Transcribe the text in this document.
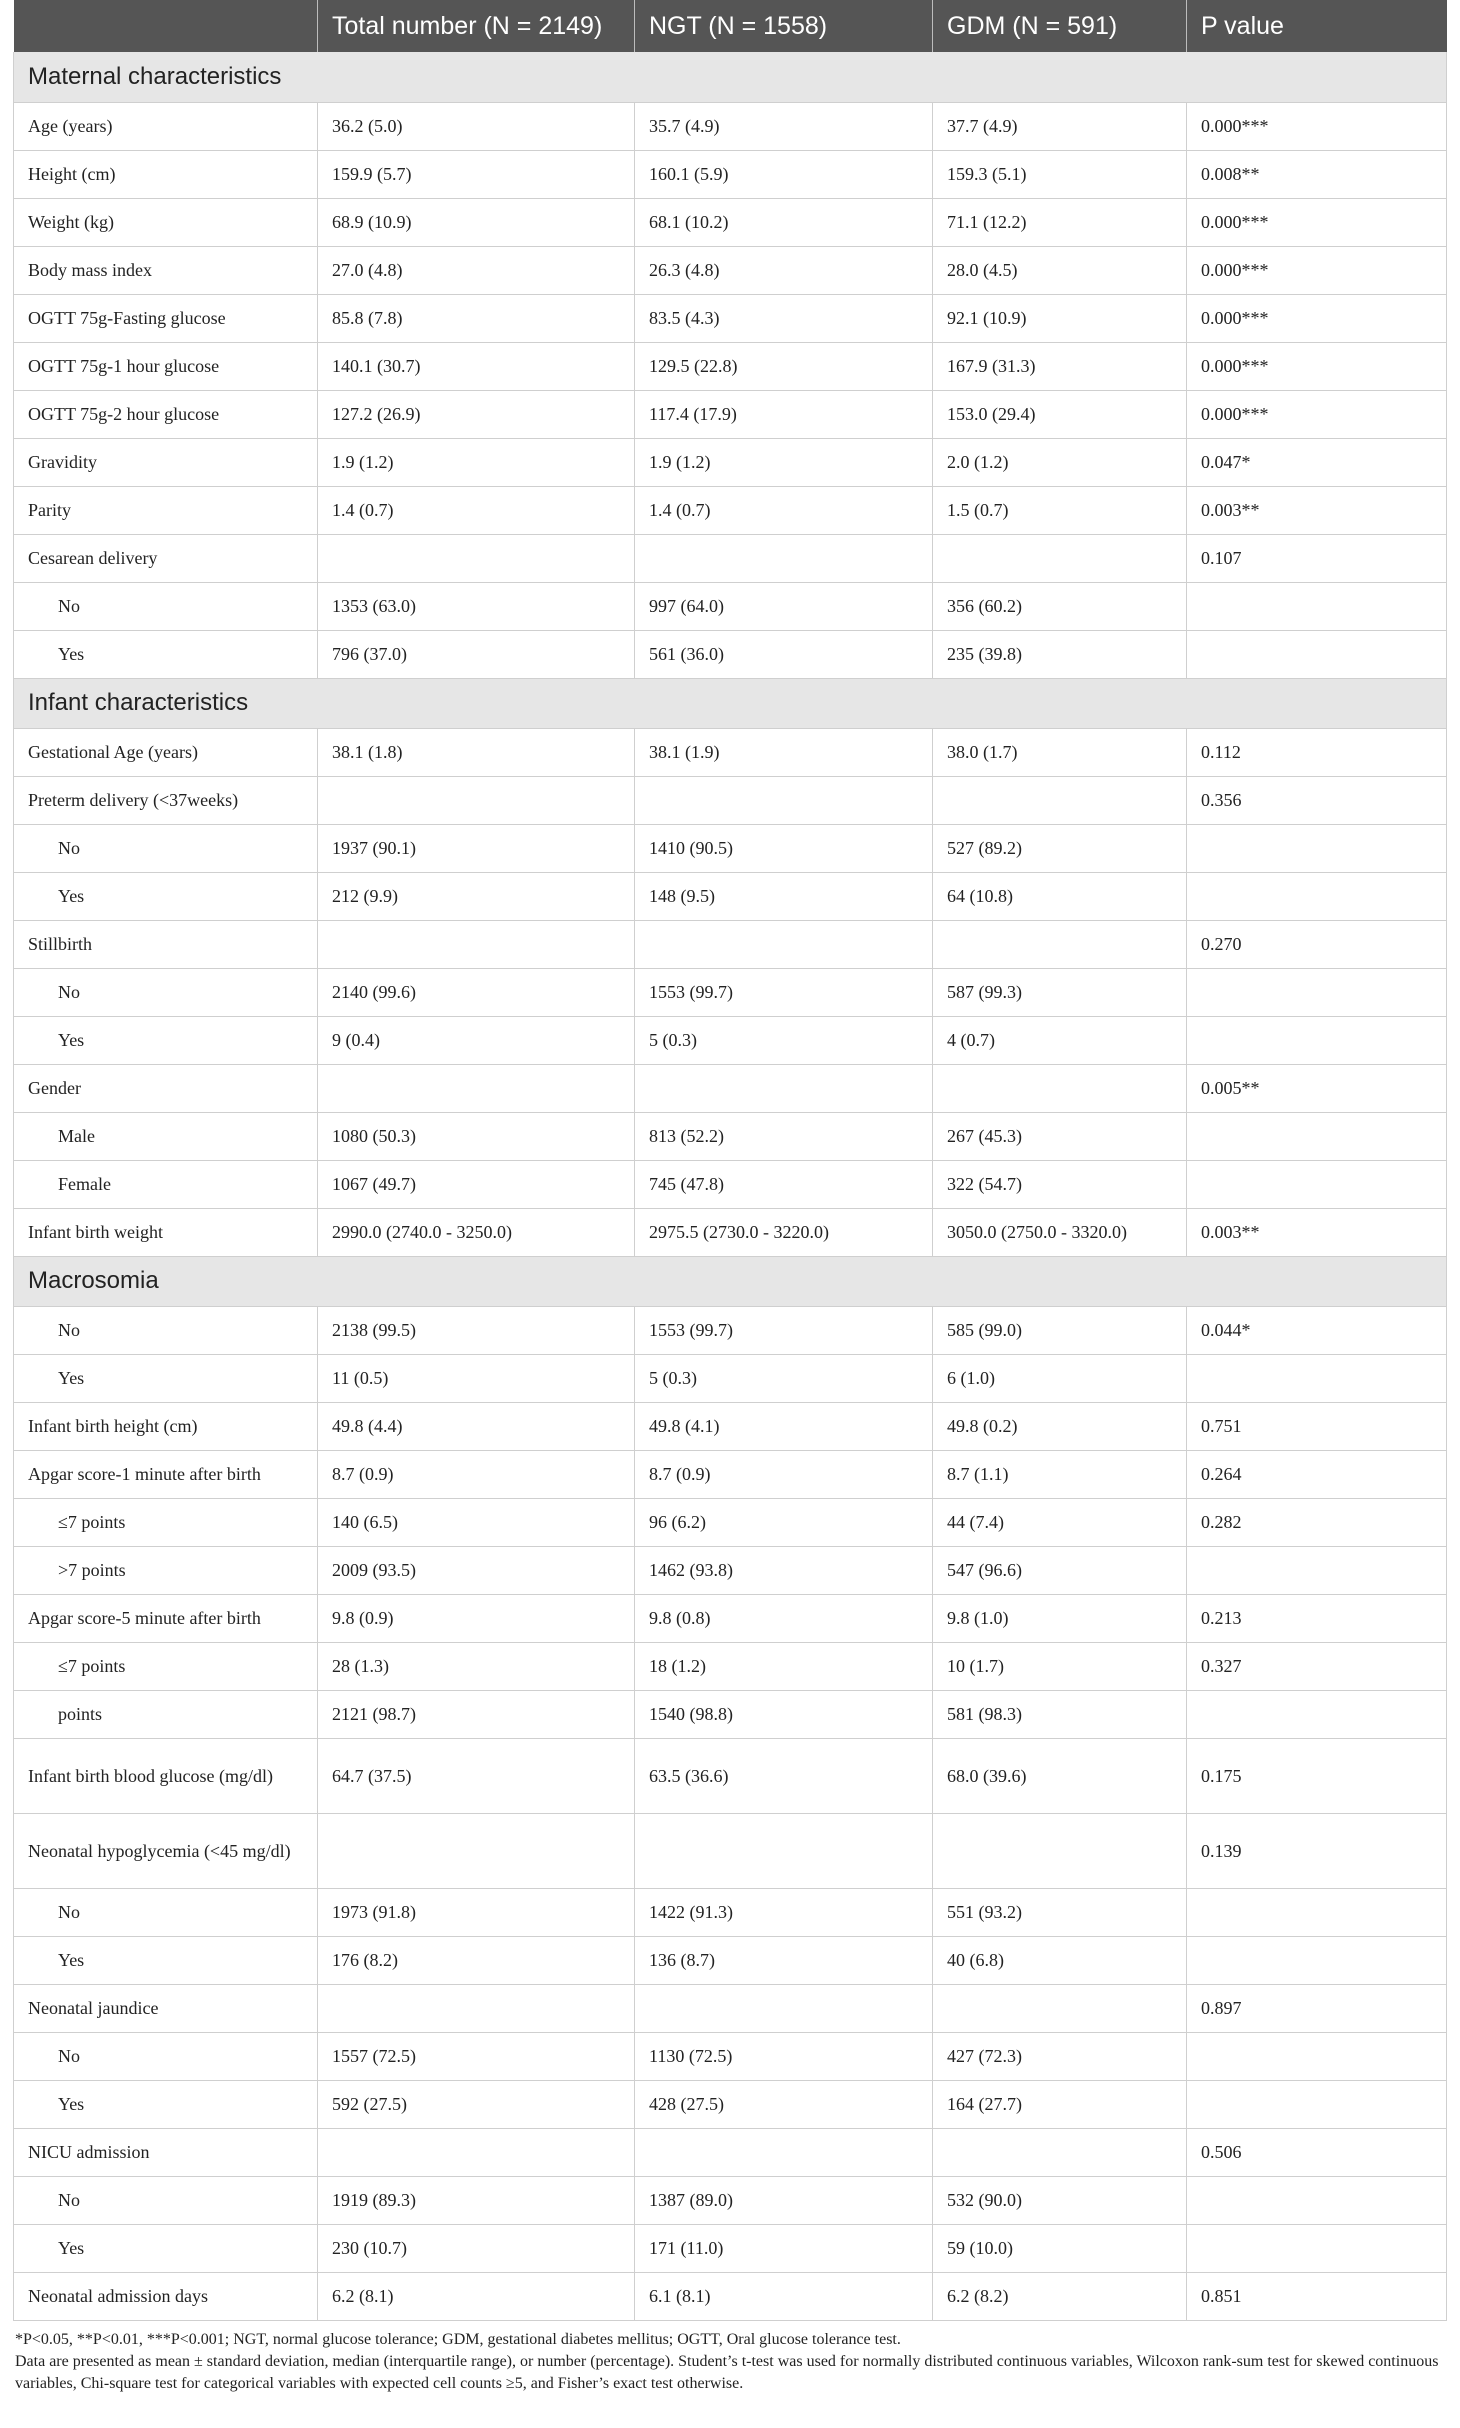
	Total number (N = 2149)	NGT (N = 1558)	GDM (N = 591)	P value
Maternal characteristics				
Age (years)	36.2 (5.0)	35.7 (4.9)	37.7 (4.9)	0.000***
Height (cm)	159.9 (5.7)	160.1 (5.9)	159.3 (5.1)	0.008**
Weight (kg)	68.9 (10.9)	68.1 (10.2)	71.1 (12.2)	0.000***
Body mass index	27.0 (4.8)	26.3 (4.8)	28.0 (4.5)	0.000***
OGTT 75g-Fasting glucose	85.8 (7.8)	83.5 (4.3)	92.1 (10.9)	0.000***
OGTT 75g-1 hour glucose	140.1 (30.7)	129.5 (22.8)	167.9 (31.3)	0.000***
OGTT 75g-2 hour glucose	127.2 (26.9)	117.4 (17.9)	153.0 (29.4)	0.000***
Gravidity	1.9 (1.2)	1.9 (1.2)	2.0 (1.2)	0.047*
Parity	1.4 (0.7)	1.4 (0.7)	1.5 (0.7)	0.003**
Cesarean delivery				0.107
No	1353 (63.0)	997 (64.0)	356 (60.2)	
Yes	796 (37.0)	561 (36.0)	235 (39.8)	
Infant characteristics				
Gestational Age (years)	38.1 (1.8)	38.1 (1.9)	38.0 (1.7)	0.112
Preterm delivery (<37weeks)				0.356
No	1937 (90.1)	1410 (90.5)	527 (89.2)	
Yes	212 (9.9)	148 (9.5)	64 (10.8)	
Stillbirth				0.270
No	2140 (99.6)	1553 (99.7)	587 (99.3)	
Yes	9 (0.4)	5 (0.3)	4 (0.7)	
Gender				0.005**
Male	1080 (50.3)	813 (52.2)	267 (45.3)	
Female	1067 (49.7)	745 (47.8)	322 (54.7)	
Infant birth weight	2990.0 (2740.0 - 3250.0)	2975.5 (2730.0 - 3220.0)	3050.0 (2750.0 - 3320.0)	0.003**
Macrosomia				
No	2138 (99.5)	1553 (99.7)	585 (99.0)	0.044*
Yes	11 (0.5)	5 (0.3)	6 (1.0)	
Infant birth height (cm)	49.8 (4.4)	49.8 (4.1)	49.8 (0.2)	0.751
Apgar score-1 minute after birth	8.7 (0.9)	8.7 (0.9)	8.7 (1.1)	0.264
≤7 points	140 (6.5)	96 (6.2)	44 (7.4)	0.282
>7 points	2009 (93.5)	1462 (93.8)	547 (96.6)	
Apgar score-5 minute after birth	9.8 (0.9)	9.8 (0.8)	9.8 (1.0)	0.213
≤7 points	28 (1.3)	18 (1.2)	10 (1.7)	0.327
points	2121 (98.7)	1540 (98.8)	581 (98.3)	
Infant birth blood glucose (mg/dl)	64.7 (37.5)	63.5 (36.6)	68.0 (39.6)	0.175
Neonatal hypoglycemia (<45 mg/dl)				0.139
No	1973 (91.8)	1422 (91.3)	551 (93.2)	
Yes	176 (8.2)	136 (8.7)	40 (6.8)	
Neonatal jaundice				0.897
No	1557 (72.5)	1130 (72.5)	427 (72.3)	
Yes	592 (27.5)	428 (27.5)	164 (27.7)	
NICU admission				0.506
No	1919 (89.3)	1387 (89.0)	532 (90.0)	
Yes	230 (10.7)	171 (11.0)	59 (10.0)	
Neonatal admission days	6.2 (8.1)	6.1 (8.1)	6.2 (8.2)	0.851
*P<0.05, **P<0.01, ***P<0.001; NGT, normal glucose tolerance; GDM, gestational diabetes mellitus; OGTT, Oral glucose tolerance test.
Data are presented as mean ± standard deviation, median (interquartile range), or number (percentage). Student’s t-test was used for normally distributed continuous variables, Wilcoxon rank-sum test for skewed continuous variables, Chi-square test for categorical variables with expected cell counts ≥5, and Fisher’s exact test otherwise.
